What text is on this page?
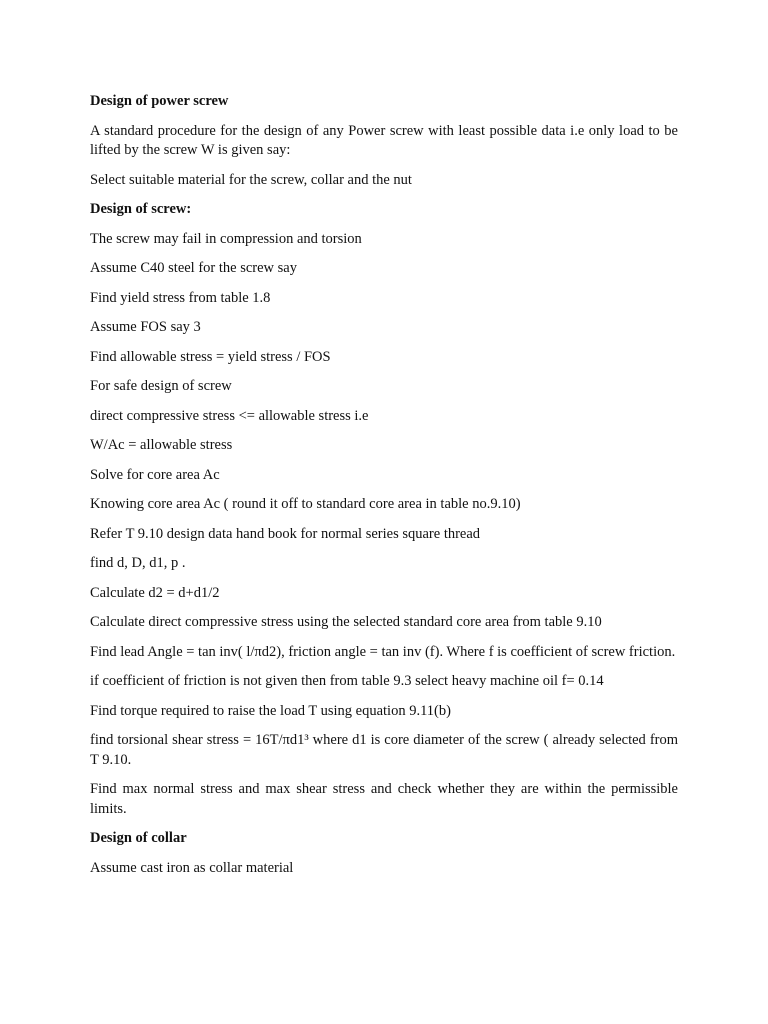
Design of power screw

A standard procedure for the design of any Power screw with least possible data i.e only load to be lifted by the screw W is given say:

Select suitable material for the screw, collar and the nut

Design of screw:

The screw may fail in compression and torsion

Assume C40 steel for the screw say

Find yield stress from table 1.8

Assume FOS say 3

Find allowable stress = yield stress / FOS

For safe design of screw

direct compressive stress <= allowable stress i.e

W/Ac = allowable stress

Solve for core area Ac

Knowing core area Ac ( round it off to standard core area in table no.9.10)

Refer T 9.10 design data hand book for normal series square thread

find d, D, d1, p .

Calculate d2 = d+d1/2

Calculate direct compressive stress using the selected standard core area from table 9.10

Find lead Angle = tan inv( l/πd2), friction angle = tan inv (f). Where f is coefficient of screw friction.

if coefficient of friction is not given then from table 9.3 select heavy machine oil f= 0.14

Find torque required to raise the load T using equation 9.11(b)

find torsional shear stress = 16T/πd1³ where d1 is core diameter of the screw ( already selected from T 9.10.

Find max normal stress and max shear stress and check whether they are within the permissible limits.

Design of collar

Assume cast iron as collar material
